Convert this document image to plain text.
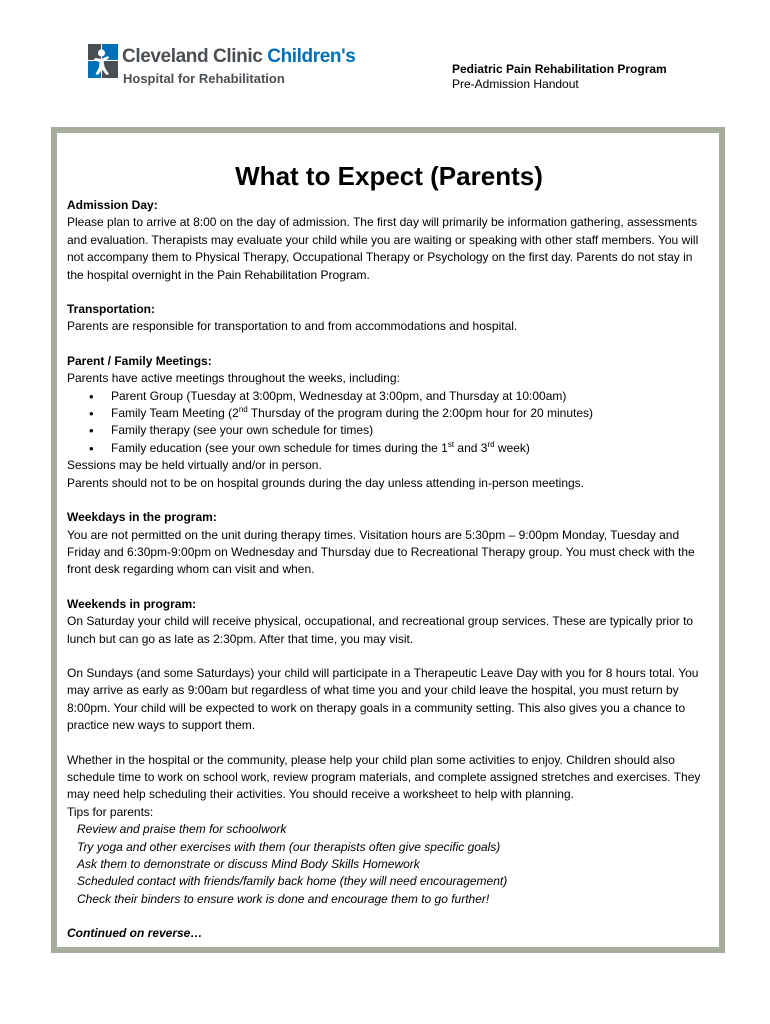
Cleveland Clinic Children's
Hospital for Rehabilitation
Pediatric Pain Rehabilitation Program
Pre-Admission Handout
What to Expect (Parents)
Admission Day:

Please plan to arrive at 8:00 on the day of admission. The first day will primarily be information gathering, assessments and evaluation. Therapists may evaluate your child while you are waiting or speaking with other staff members. You will not accompany them to Physical Therapy, Occupational Therapy or Psychology on the first day. Parents do not stay in the hospital overnight in the Pain Rehabilitation Program.

Transportation:

Parents are responsible for transportation to and from accommodations and hospital.

Parent / Family Meetings:

Parents have active meetings throughout the weeks, including:

• Parent Group (Tuesday at 3:00pm, Wednesday at 3:00pm, and Thursday at 10:00am)
• Family Team Meeting (2nd Thursday of the program during the 2:00pm hour for 20 minutes)
• Family therapy (see your own schedule for times)
• Family education (see your own schedule for times during the 1st and 3rd week)

Sessions may be held virtually and/or in person.

Parents should not to be on hospital grounds during the day unless attending in-person meetings.

Weekdays in the program:

You are not permitted on the unit during therapy times. Visitation hours are 5:30pm – 9:00pm Monday, Tuesday and Friday and 6:30pm-9:00pm on Wednesday and Thursday due to Recreational Therapy group. You must check with the front desk regarding whom can visit and when.

Weekends in program:

On Saturday your child will receive physical, occupational, and recreational group services. These are typically prior to lunch but can go as late as 2:30pm. After that time, you may visit.

On Sundays (and some Saturdays) your child will participate in a Therapeutic Leave Day with you for 8 hours total. You may arrive as early as 9:00am but regardless of what time you and your child leave the hospital, you must return by 8:00pm. Your child will be expected to work on therapy goals in a community setting. This also gives you a chance to practice new ways to support them.

Whether in the hospital or the community, please help your child plan some activities to enjoy. Children should also schedule time to work on school work, review program materials, and complete assigned stretches and exercises. They may need help scheduling their activities. You should receive a worksheet to help with planning.

Tips for parents:

Review and praise them for schoolwork

Try yoga and other exercises with them (our therapists often give specific goals)

Ask them to demonstrate or discuss Mind Body Skills Homework

Scheduled contact with friends/family back home (they will need encouragement)

Check their binders to ensure work is done and encourage them to go further!

Continued on reverse…
